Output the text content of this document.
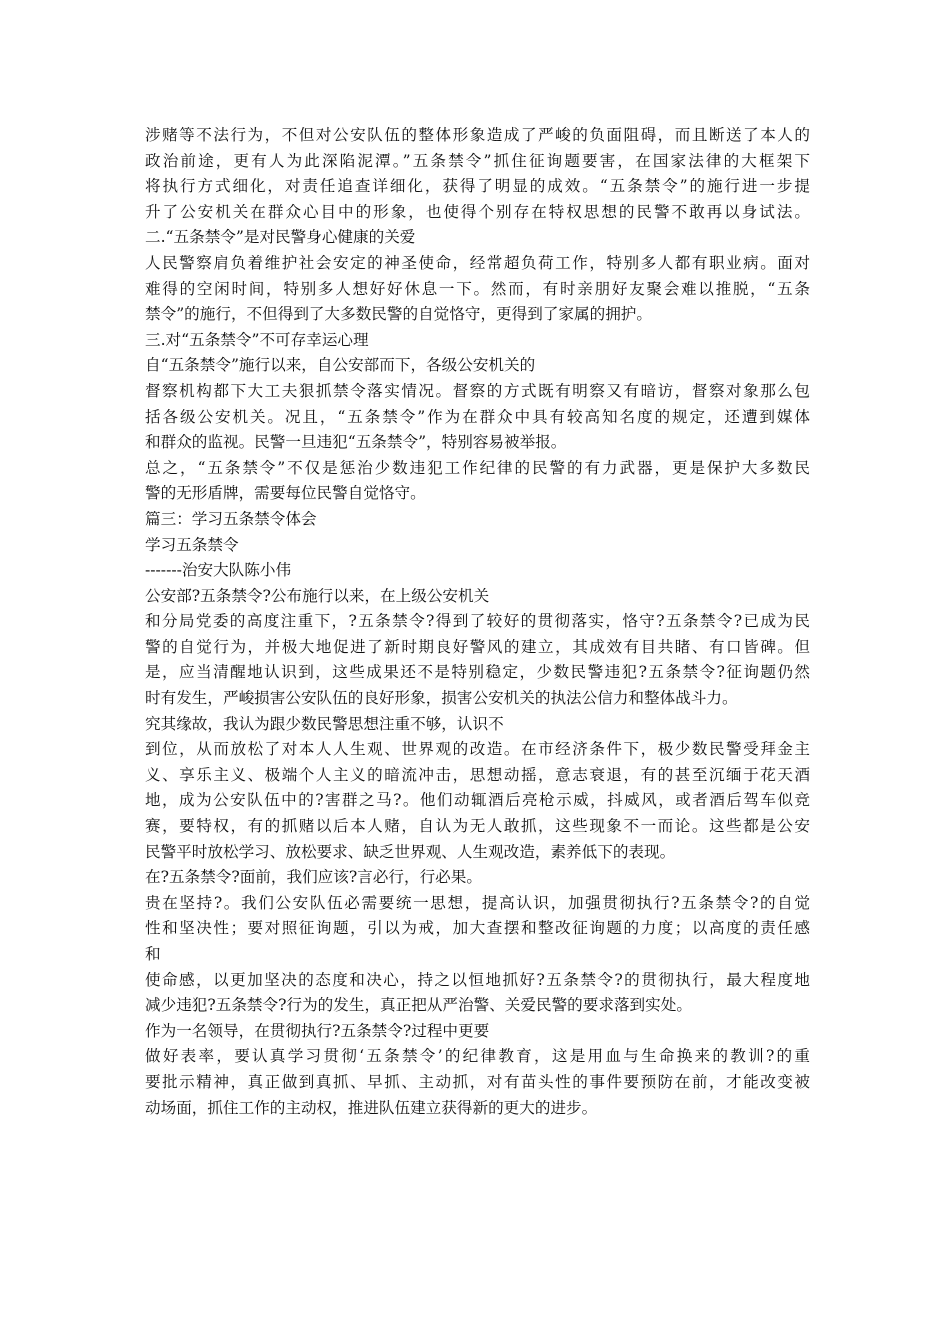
涉赌等不法行为，不但对公安队伍的整体形象造成了严峻的负面阻碍，而且断送了本人的
政治前途，更有人为此深陷泥潭。”五条禁令”抓住征询题要害，在国家法律的大框架下
将执行方式细化，对责任追查详细化，获得了明显的成效。“五条禁令”的施行进一步提
升了公安机关在群众心目中的形象，也使得个别存在特权思想的民警不敢再以身试法。
二.“五条禁令”是对民警身心健康的关爱
人民警察肩负着维护社会安定的神圣使命，经常超负荷工作，特别多人都有职业病。面对
难得的空闲时间，特别多人想好好休息一下。然而，有时亲朋好友聚会难以推脱，“五条
禁令”的施行，不但得到了大多数民警的自觉恪守，更得到了家属的拥护。
三.对“五条禁令”不可存幸运心理
自“五条禁令”施行以来，自公安部而下，各级公安机关的
督察机构都下大工夫狠抓禁令落实情况。督察的方式既有明察又有暗访，督察对象那么包
括各级公安机关。况且，“五条禁令”作为在群众中具有较高知名度的规定，还遭到媒体
和群众的监视。民警一旦违犯“五条禁令”，特别容易被举报。
总之，“五条禁令”不仅是惩治少数违犯工作纪律的民警的有力武器，更是保护大多数民
警的无形盾牌，需要每位民警自觉恪守。
篇三：学习五条禁令体会
学习五条禁令
-------治安大队陈小伟
公安部?五条禁令?公布施行以来，在上级公安机关
和分局党委的高度注重下，?五条禁令?得到了较好的贯彻落实，恪守?五条禁令?已成为民
警的自觉行为，并极大地促进了新时期良好警风的建立，其成效有目共睹、有口皆碑。但
是，应当清醒地认识到，这些成果还不是特别稳定，少数民警违犯?五条禁令?征询题仍然
时有发生，严峻损害公安队伍的良好形象，损害公安机关的执法公信力和整体战斗力。
究其缘故，我认为跟少数民警思想注重不够，认识不
到位，从而放松了对本人人生观、世界观的改造。在市经济条件下，极少数民警受拜金主
义、享乐主义、极端个人主义的暗流冲击，思想动摇，意志衰退，有的甚至沉缅于花天酒
地，成为公安队伍中的?害群之马?。他们动辄酒后亮枪示威，抖威风，或者酒后驾车似竞
赛，要特权，有的抓赌以后本人赌，自认为无人敢抓，这些现象不一而论。这些都是公安
民警平时放松学习、放松要求、缺乏世界观、人生观改造，素养低下的表现。
在?五条禁令?面前，我们应该?言必行，行必果。
贵在坚持?。我们公安队伍必需要统一思想，提高认识，加强贯彻执行?五条禁令?的自觉
性和坚决性；要对照征询题，引以为戒，加大查摆和整改征询题的力度；以高度的责任感
和
使命感，以更加坚决的态度和决心，持之以恒地抓好?五条禁令?的贯彻执行，最大程度地
减少违犯?五条禁令?行为的发生，真正把从严治警、关爱民警的要求落到实处。
作为一名领导，在贯彻执行?五条禁令?过程中更要
做好表率，要认真学习贯彻‘五条禁令’的纪律教育，这是用血与生命换来的教训?的重
要批示精神，真正做到真抓、早抓、主动抓，对有苗头性的事件要预防在前，才能改变被
动场面，抓住工作的主动权，推进队伍建立获得新的更大的进步。
